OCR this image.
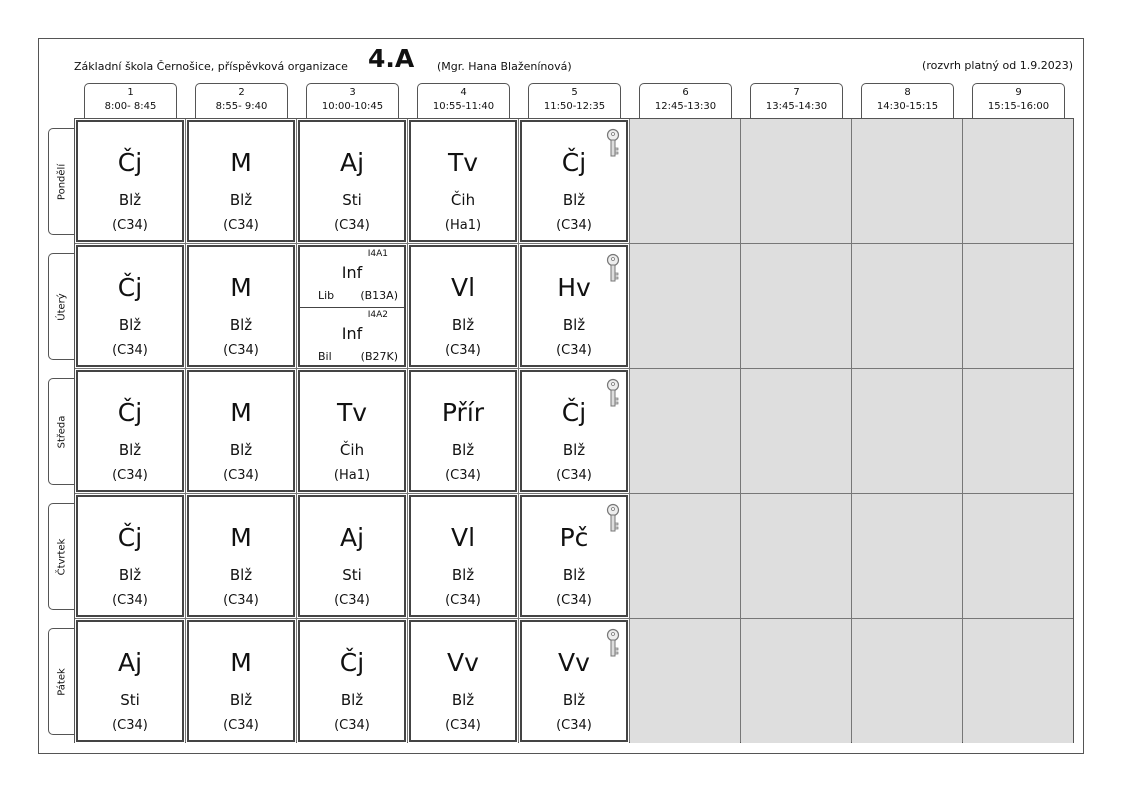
Základní škola Černošice, příspěvková organizace 4.A (Mgr. Hana Blaženínová)	(rozvrh platný od 1.9.2023)
1
8:00- 8:45
2
8:55- 9:40
3
10:00-10:45
4
10:55-11:40
5
11:50-12:35
6
12:45-13:30
7
13:45-14:30
8
14:30-15:15
9
15:15-16:00
Pondělí
Úterý
Středa
Čtvrtek
Pátek
Čj
Blž
(C34)
M
Blž
(C34)
Aj
Sti
(C34)
Tv
Čih
(Ha1)
Čj
Blž
(C34)
Čj
Blž
(C34)
M
Blž
(C34)
I4A1
Inf
Lib (B13A)
I4A2
Inf
Bil	(B27K)
Vl
Blž
(C34)
Hv
Blž
(C34)
Čj
Blž
(C34)
M
Blž
(C34)
Tv
Čih
(Ha1)
Přír
Blž
(C34)
Čj
Blž
(C34)
Čj
Blž
(C34)
M
Blž
(C34)
Aj
Sti
(C34)
Vl
Blž
(C34)
Pč
Blž
(C34)
Aj
Sti
(C34)
M
Blž
(C34)
Čj
Blž
(C34)
Vv
Blž
(C34)
Vv
Blž
(C34)
